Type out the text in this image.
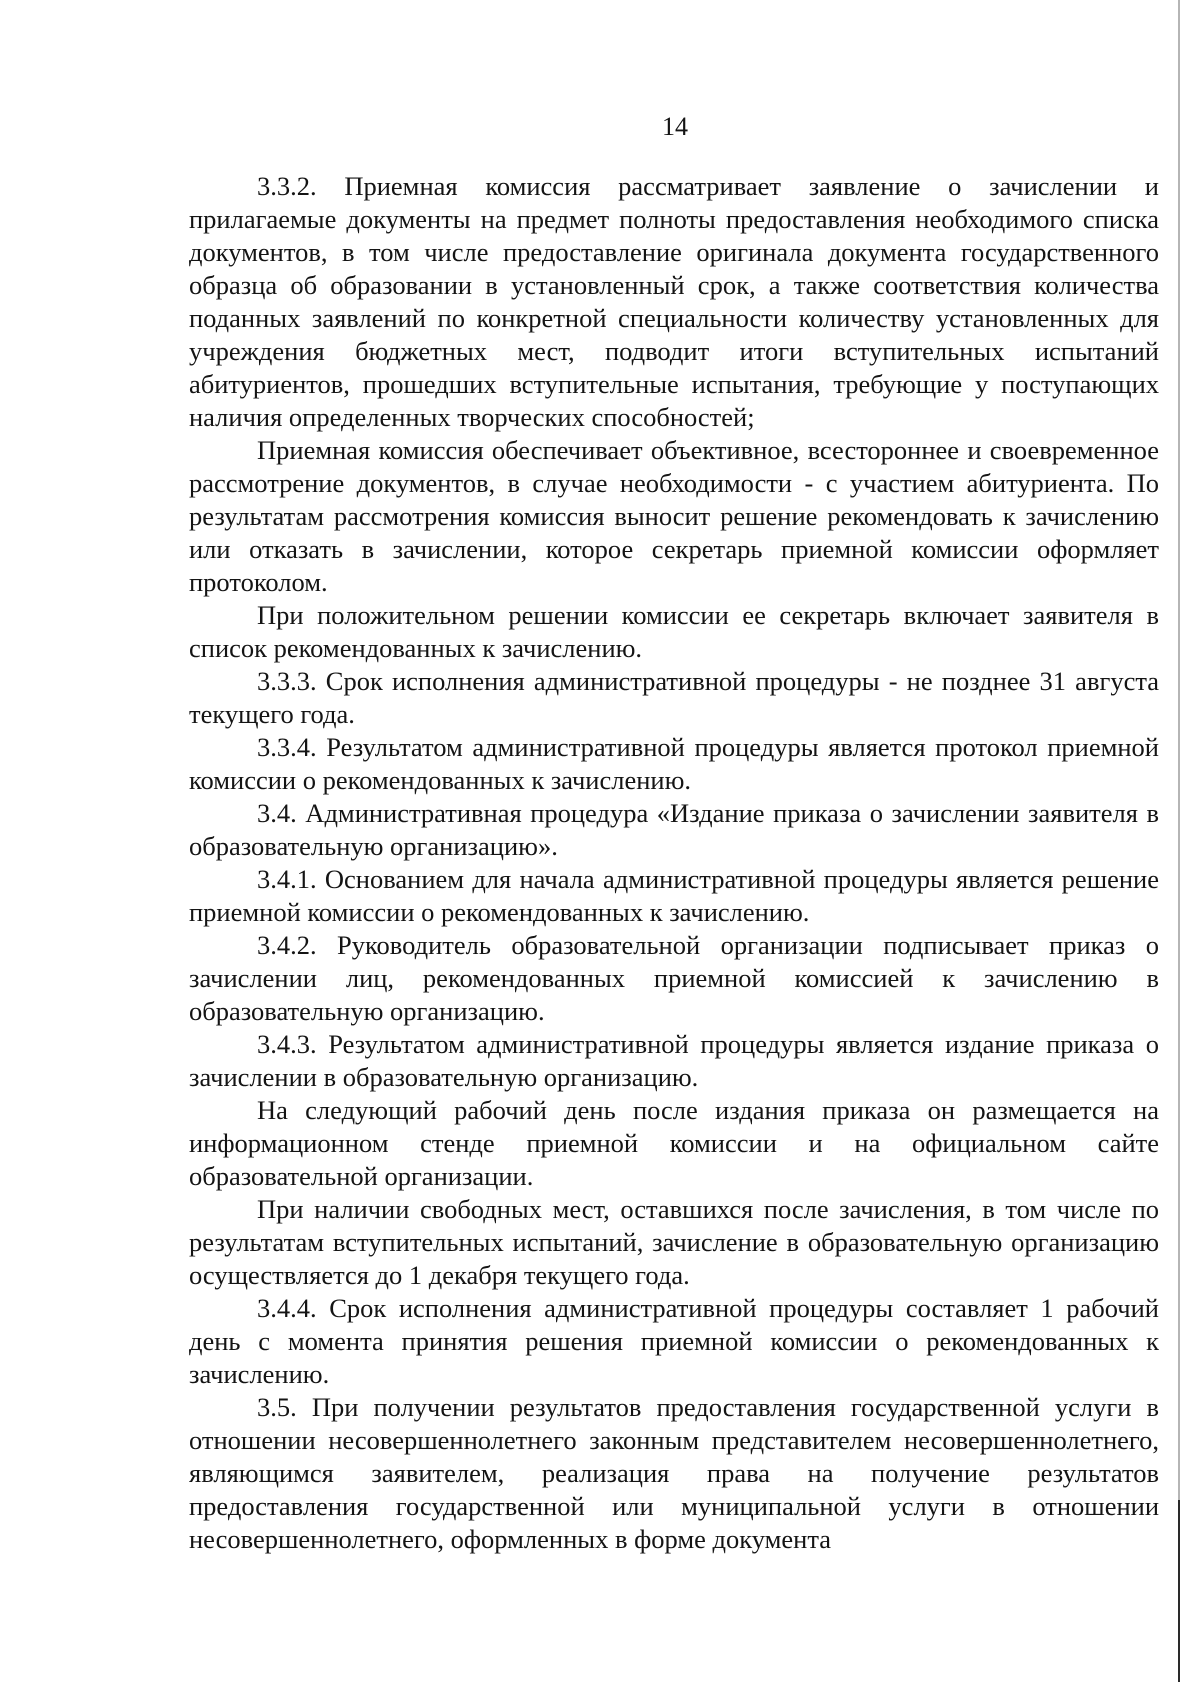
14

3.3.2. Приемная комиссия рассматривает заявление о зачислении и прилагаемые документы на предмет полноты предоставления необходимого списка документов, в том числе предоставление оригинала документа государственного образца об образовании в установленный срок, а также соответствия количества поданных заявлений по конкретной специальности количеству установленных для учреждения бюджетных мест, подводит итоги вступительных испытаний абитуриентов, прошедших вступительные испытания, требующие у поступающих наличия определенных творческих способностей;

Приемная комиссия обеспечивает объективное, всестороннее и своевременное рассмотрение документов, в случае необходимости - с участием абитуриента. По результатам рассмотрения комиссия выносит решение рекомендовать к зачислению или отказать в зачислении, которое секретарь приемной комиссии оформляет протоколом.

При положительном решении комиссии ее секретарь включает заявителя в список рекомендованных к зачислению.

3.3.3. Срок исполнения административной процедуры - не позднее 31 августа текущего года.

3.3.4. Результатом административной процедуры является протокол приемной комиссии о рекомендованных к зачислению.

3.4. Административная процедура «Издание приказа о зачислении заявителя в образовательную организацию».

3.4.1. Основанием для начала административной процедуры является решение приемной комиссии о рекомендованных к зачислению.

3.4.2. Руководитель образовательной организации подписывает приказ о зачислении лиц, рекомендованных приемной комиссией к зачислению в образовательную организацию.

3.4.3. Результатом административной процедуры является издание приказа о зачислении в образовательную организацию.

На следующий рабочий день после издания приказа он размещается на информационном стенде приемной комиссии и на официальном сайте образовательной организации.

При наличии свободных мест, оставшихся после зачисления, в том числе по результатам вступительных испытаний, зачисление в образовательную организацию осуществляется до 1 декабря текущего года.

3.4.4. Срок исполнения административной процедуры составляет 1 рабочий день с момента принятия решения приемной комиссии о рекомендованных к зачислению.

3.5. При получении результатов предоставления государственной услуги в отношении несовершеннолетнего законным представителем несовершеннолетнего, являющимся заявителем, реализация права на получение результатов предоставления государственной или муниципальной услуги в отношении несовершеннолетнего, оформленных в форме документа
